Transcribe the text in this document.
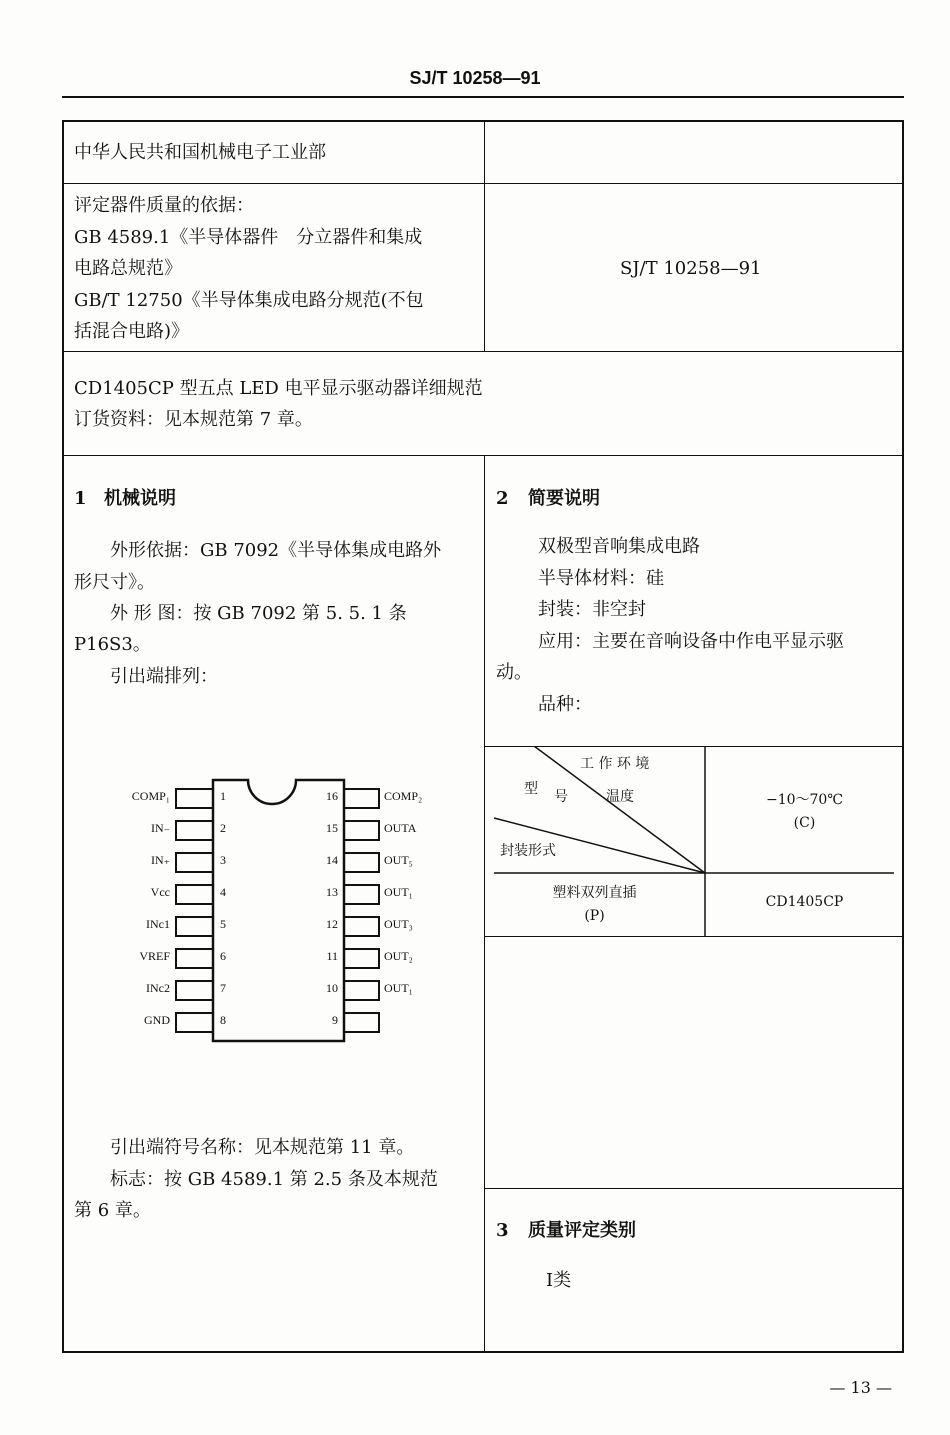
SJ/T 10258—91
中华人民共和国机械电子工业部
评定器件质量的依据：
GB 4589.1《半导体器件　分立器件和集成
电路总规范》
GB/T 12750《半导体集成电路分规范(不包
括混合电路)》
SJ/T 10258—91
CD1405CP 型五点 LED 电平显示驱动器详细规范
订货资料：见本规范第 7 章。
1 机械说明
外形依据：GB 7092《半导体集成电路外
形尺寸》。
外 形 图：按 GB 7092 第 5. 5. 1 条
P16S3。
引出端排列：
COMP₁
IN₋
IN₊
Vcc
INc1
VREF
INc2
GND
1
2
3
4
5
6
7
8
16
15
14
13
12
11
10
9
COMP₂
OUTA
OUT₅
OUT₁
OUT₃
OUT₂
OUT₁
引出端符号名称：见本规范第 11 章。
标志：按 GB 4589.1 第 2.5 条及本规范
第 6 章。
2 简要说明
双极型音响集成电路
半导体材料：硅
封装：非空封
应用：主要在音响设备中作电平显示驱
动。
品种：
工 作 环 境
温度
型 号
封装形式
−10～70℃
(C)
塑料双列直插
(P)
CD1405CP
3 质量评定类别
Ⅰ类
— 13 —
